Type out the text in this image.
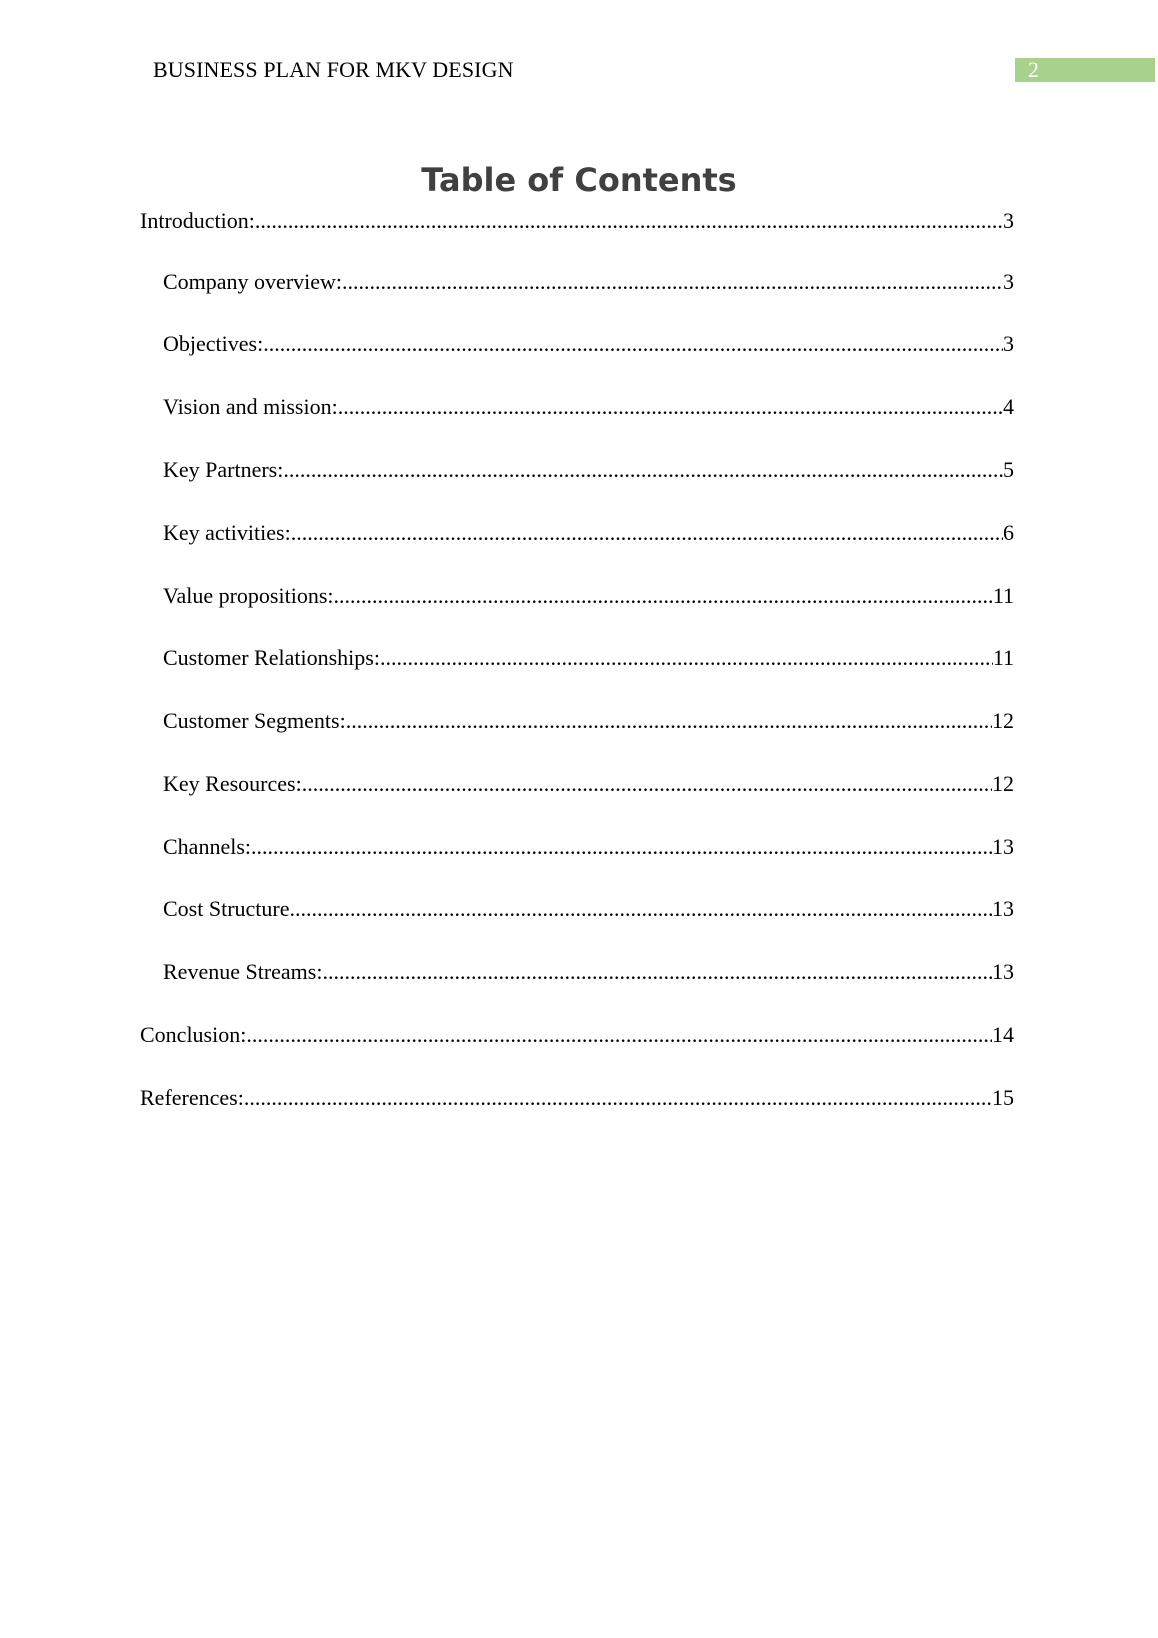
BUSINESS PLAN FOR MKV DESIGN	2
Table of Contents
Introduction: .....	3
Company overview: .....	3
Objectives: .....	3
Vision and mission: .....	4
Key Partners: .....	5
Key activities: .....	6
Value propositions: .....	11
Customer Relationships: .....	11
Customer Segments: .....	12
Key Resources: .....	12
Channels: .....	13
Cost Structure .....	13
Revenue Streams: .....	13
Conclusion: .....	14
References: .....	15
